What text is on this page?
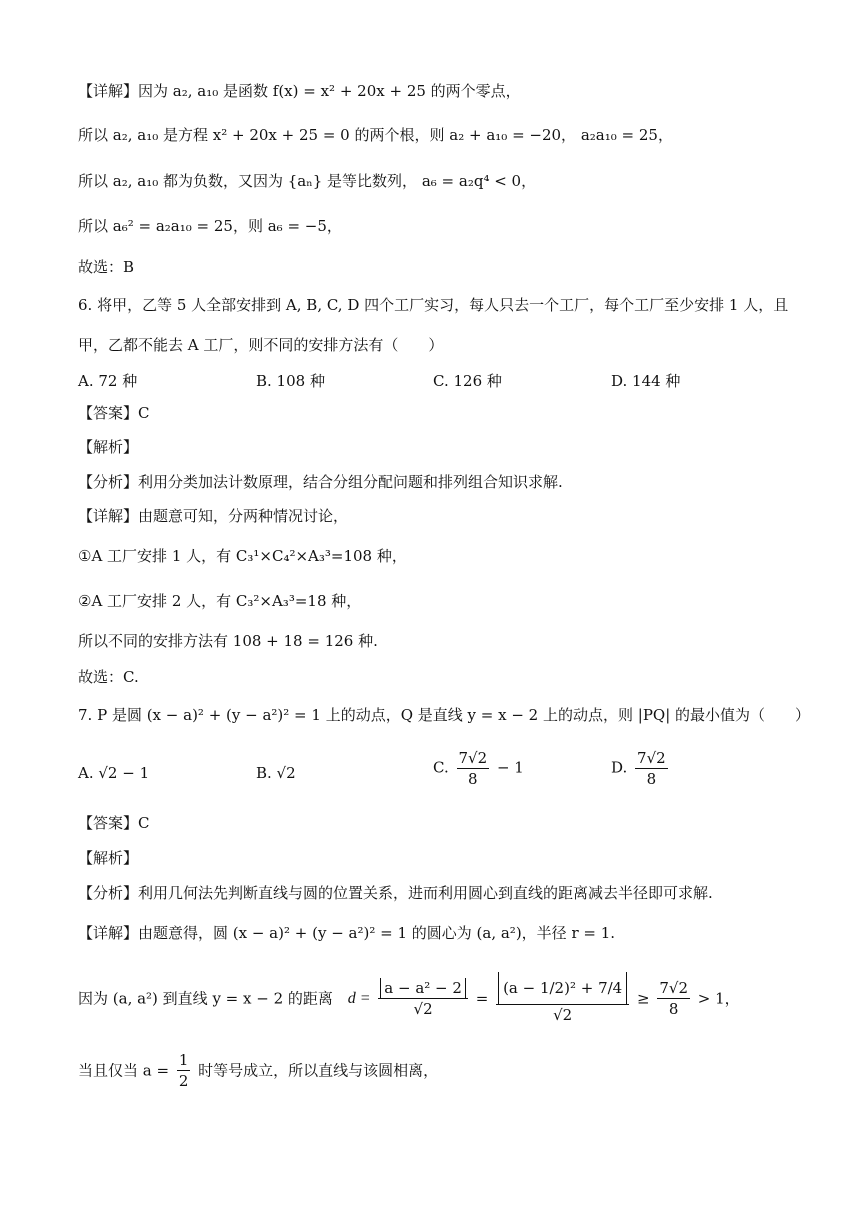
【详解】因为 a₂, a₁₀ 是函数 f(x) = x² + 20x + 25 的两个零点，
所以 a₂, a₁₀ 是方程 x² + 20x + 25 = 0 的两个根，则 a₂ + a₁₀ = −20， a₂a₁₀ = 25，
所以 a₂, a₁₀ 都为负数，又因为 {aₙ} 是等比数列， a₆ = a₂q⁴ < 0，
所以 a₆² = a₂a₁₀ = 25，则 a₆ = −5，
故选：B
6. 将甲，乙等 5 人全部安排到 A, B, C, D 四个工厂实习，每人只去一个工厂，每个工厂至少安排 1 人，且
甲，乙都不能去 A 工厂，则不同的安排方法有（　　）
A. 72 种	B. 108 种	C. 126 种	D. 144 种
【答案】C
【解析】
【分析】利用分类加法计数原理，结合分组分配问题和排列组合知识求解.
【详解】由题意可知，分两种情况讨论，
①A 工厂安排 1 人，有 C₃¹×C₄²×A₃³=108 种，
②A 工厂安排 2 人，有 C₃²×A₃³=18 种，
所以不同的安排方法有 108 + 18 = 126 种.
故选：C.
7. P 是圆 (x − a)² + (y − a²)² = 1 上的动点，Q 是直线 y = x − 2 上的动点，则 |PQ| 的最小值为（　　）
A. √2 − 1	B. √2	C. $\frac{7√2}{8} - 1$	D. $\frac{7√2}{8}$
【答案】C
【解析】
【分析】利用几何法先判断直线与圆的位置关系，进而利用圆心到直线的距离减去半径即可求解.
【详解】由题意得，圆 (x − a)² + (y − a²)² = 1 的圆心为 (a, a²)，半径 r = 1.
因为 (a, a²) 到直线 y = x − 2 的距离 $d = \frac{\text{a − a² − 2}}{√2} = \frac{\text{(a − 1/2)² + 7/4}}{√2} \ge \frac{7√2}{8} > 1$，
当且仅当 $a = \frac{1}{2}$ 时等号成立，所以直线与该圆相离，
